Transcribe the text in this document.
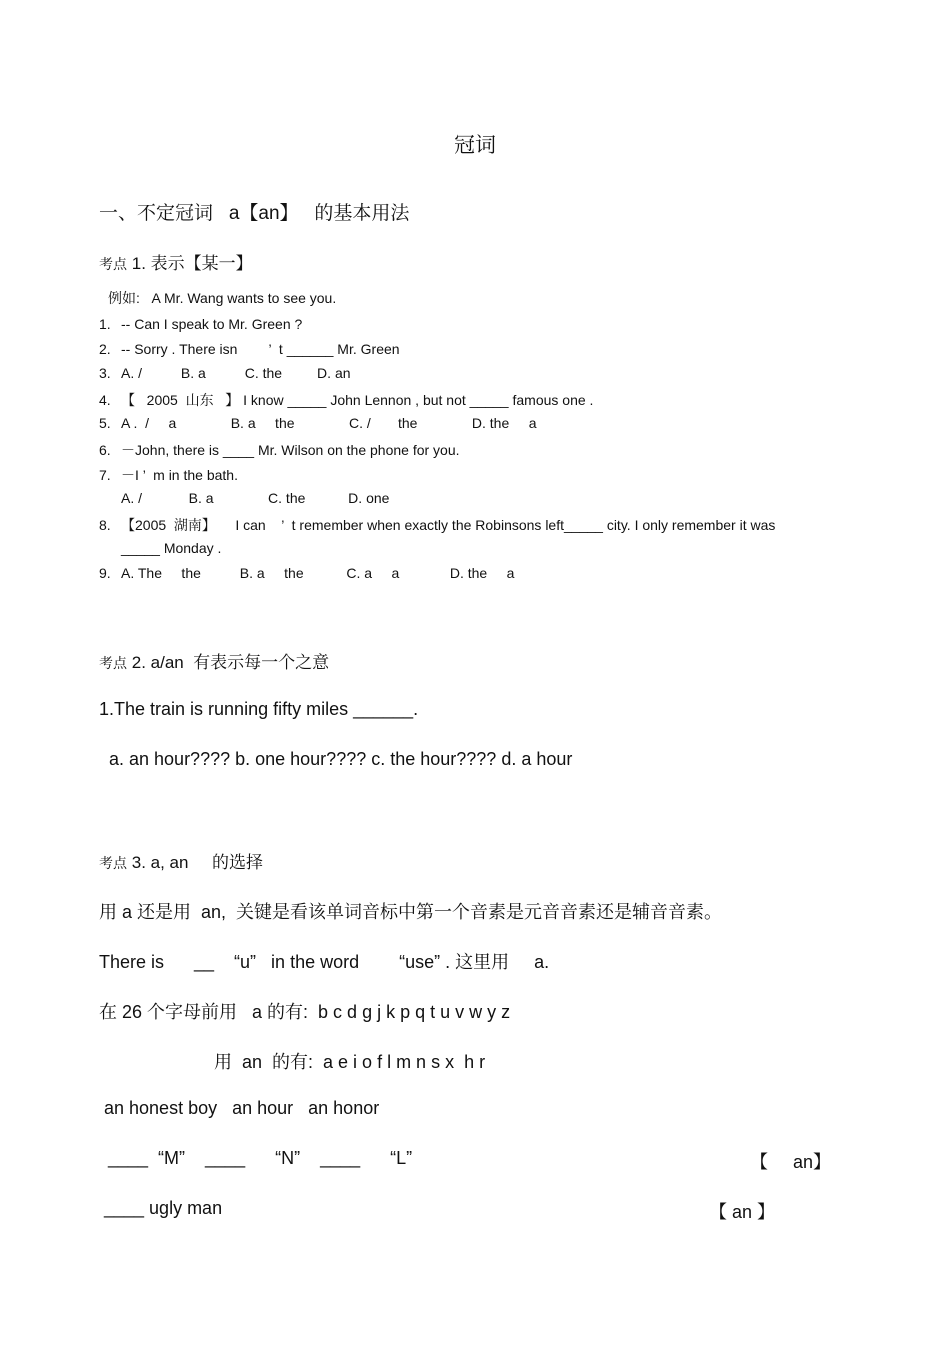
冠词
一、不定冠词   a【an】   的基本用法
考点 1. 表示【某一】
例如:   A Mr. Wang wants to see you.
1. -- Can I speak to Mr. Green ?
2. -- Sorry . There isn        ’  t ______ Mr. Green
3. A. /          B. a          C. the         D. an
4. 【   2005  山东   】 I know _____ John Lennon , but not _____ famous one .
5. A .  /     a              B. a     the              C. /       the              D. the     a
6. －John, there is ____ Mr. Wilson on the phone for you.
7. －I ’  m in the bath.
A. /            B. a              C. the           D. one
8. 【2005  湖南】     I can    ’  t remember when exactly the Robinsons left_____ city. I only remember it was
_____ Monday .
9. A. The     the          B. a     the           C. a     a             D. the     a
考点 2. a/an  有表示每一个之意
1.The train is running fifty miles ______.
a. an hour???? b. one hour???? c. the hour???? d. a hour
考点 3. a, an     的选择
用 a 还是用  an,  关键是看该单词音标中第一个音素是元音音素还是辅音音素。
There is      __    “u”   in the word        “use” . 这里用     a.
在 26 个字母前用   a 的有:  b c d g j k p q t u v w y z
用  an  的有:  a e i o f l m n s x  h r
an honest boy   an hour   an honor
____  “M”    ____      “N”    ____      “L”	【     an】
____ ugly man	【 an 】
